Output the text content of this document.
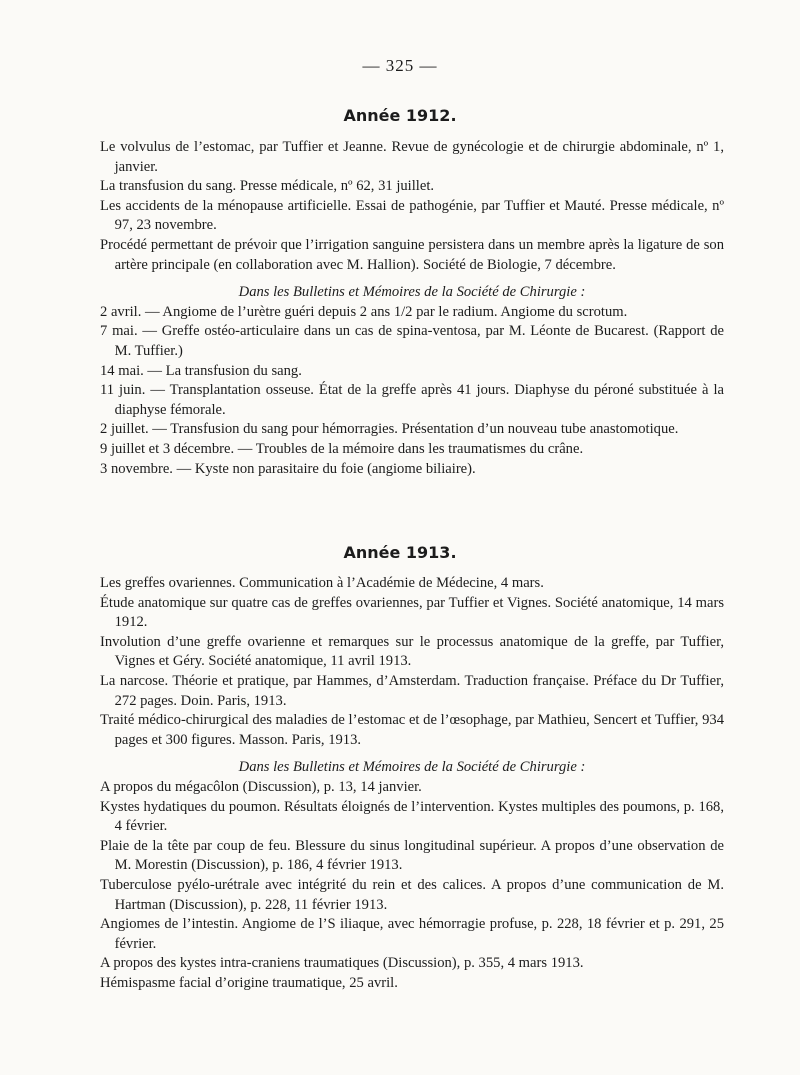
— 325 —
Année 1912.

Le volvulus de l’estomac, par Tuffier et Jeanne. Revue de gynécologie et de chirurgie abdominale, nº 1, janvier.

La transfusion du sang. Presse médicale, nº 62, 31 juillet.

Les accidents de la ménopause artificielle. Essai de pathogénie, par Tuffier et Mauté. Presse médicale, nº 97, 23 novembre.

Procédé permettant de prévoir que l’irrigation sanguine persistera dans un membre après la ligature de son artère principale (en collaboration avec M. Hallion). Société de Biologie, 7 décembre.

Dans les Bulletins et Mémoires de la Société de Chirurgie :

2 avril. — Angiome de l’urètre guéri depuis 2 ans 1/2 par le radium. Angiome du scrotum.

7 mai. — Greffe ostéo-articulaire dans un cas de spina-ventosa, par M. Léonte de Bucarest. (Rapport de M. Tuffier.)

14 mai. — La transfusion du sang.

11 juin. — Transplantation osseuse. État de la greffe après 41 jours. Diaphyse du péroné substituée à la diaphyse fémorale.

2 juillet. — Transfusion du sang pour hémorragies. Présentation d’un nouveau tube anastomotique.

9 juillet et 3 décembre. — Troubles de la mémoire dans les traumatismes du crâne.

3 novembre. — Kyste non parasitaire du foie (angiome biliaire).

Année 1913.

Les greffes ovariennes. Communication à l’Académie de Médecine, 4 mars.

Étude anatomique sur quatre cas de greffes ovariennes, par Tuffier et Vignes. Société anatomique, 14 mars 1912.

Involution d’une greffe ovarienne et remarques sur le processus anatomique de la greffe, par Tuffier, Vignes et Géry. Société anatomique, 11 avril 1913.

La narcose. Théorie et pratique, par Hammes, d’Amsterdam. Traduction française. Préface du Dr Tuffier, 272 pages. Doin. Paris, 1913.

Traité médico-chirurgical des maladies de l’estomac et de l’œsophage, par Mathieu, Sencert et Tuffier, 934 pages et 300 figures. Masson. Paris, 1913.

Dans les Bulletins et Mémoires de la Société de Chirurgie :

A propos du mégacôlon (Discussion), p. 13, 14 janvier.

Kystes hydatiques du poumon. Résultats éloignés de l’intervention. Kystes multiples des poumons, p. 168, 4 février.

Plaie de la tête par coup de feu. Blessure du sinus longitudinal supérieur. A propos d’une observation de M. Morestin (Discussion), p. 186, 4 février 1913.

Tuberculose pyélo-urétrale avec intégrité du rein et des calices. A propos d’une communication de M. Hartman (Discussion), p. 228, 11 février 1913.

Angiomes de l’intestin. Angiome de l’S iliaque, avec hémorragie profuse, p. 228, 18 février et p. 291, 25 février.

A propos des kystes intra-craniens traumatiques (Discussion), p. 355, 4 mars 1913.

Hémispasme facial d’origine traumatique, 25 avril.
